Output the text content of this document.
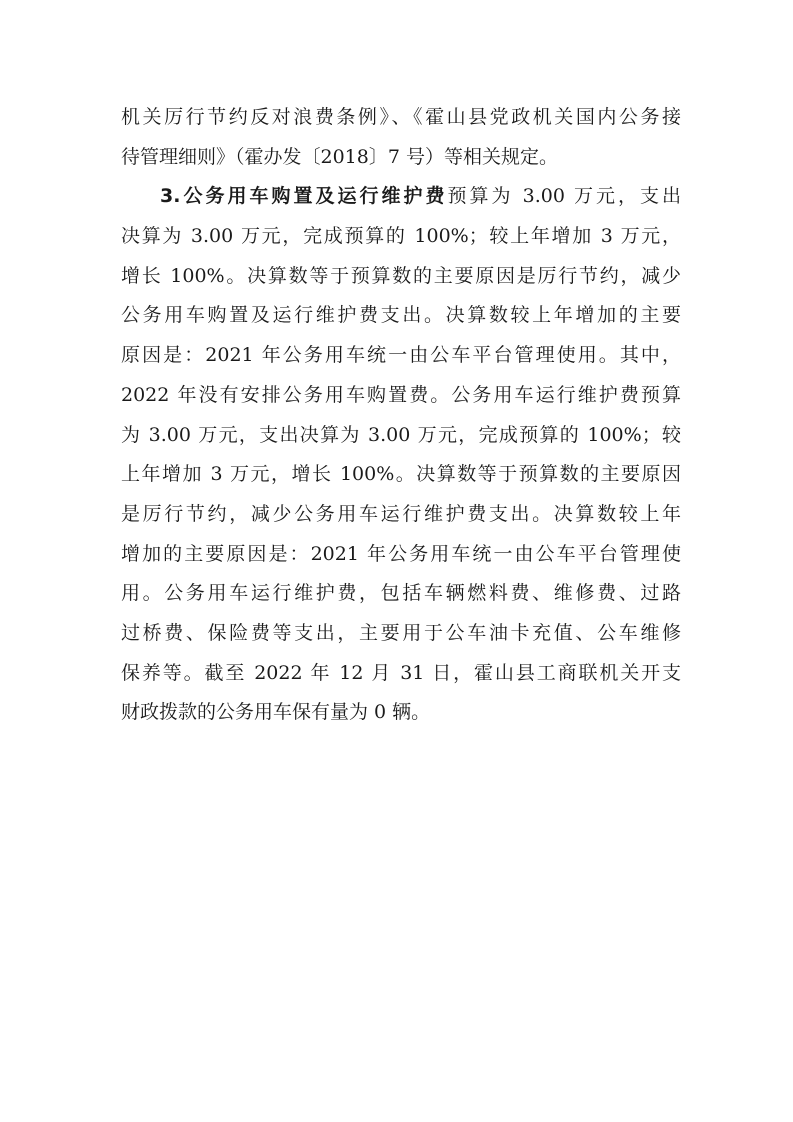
机关厉行节约反对浪费条例》、《霍山县党政机关国内公务接
待管理细则》（霍办发〔2018〕7 号）等相关规定。
3.公务用车购置及运行维护费预算为 3.00 万元，支出
决算为 3.00 万元，完成预算的 100%；较上年增加 3 万元，
增长 100%。决算数等于预算数的主要原因是厉行节约，减少
公务用车购置及运行维护费支出。决算数较上年增加的主要
原因是：2021 年公务用车统一由公车平台管理使用。其中，
2022 年没有安排公务用车购置费。公务用车运行维护费预算
为 3.00 万元，支出决算为 3.00 万元，完成预算的 100%；较
上年增加 3 万元，增长 100%。决算数等于预算数的主要原因
是厉行节约，减少公务用车运行维护费支出。决算数较上年
增加的主要原因是：2021 年公务用车统一由公车平台管理使
用。公务用车运行维护费，包括车辆燃料费、维修费、过路
过桥费、保险费等支出，主要用于公车油卡充值、公车维修
保养等。截至 2022 年 12 月 31 日，霍山县工商联机关开支
财政拨款的公务用车保有量为 0 辆。
